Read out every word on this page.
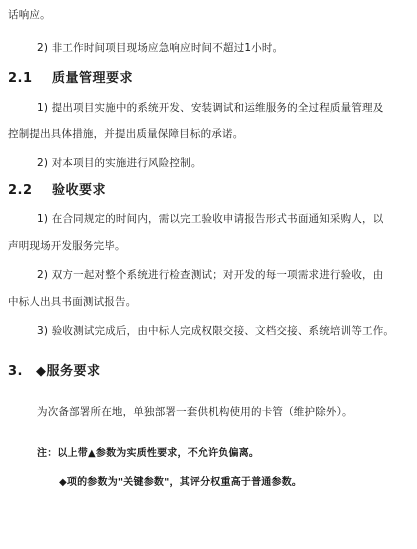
话响应。
2) 非工作时间项目现场应急响应时间不超过1小时。
2.1 质量管理要求
1) 提出项目实施中的系统开发、安装调试和运维服务的全过程质量管理及
控制提出具体措施，并提出质量保障目标的承诺。
2) 对本项目的实施进行风险控制。
2.2 验收要求
1) 在合同规定的时间内，需以完工验收申请报告形式书面通知采购人，以
声明现场开发服务完毕。
2) 双方一起对整个系统进行检查测试；对开发的每一项需求进行验收，由
中标人出具书面测试报告。
3) 验收测试完成后，由中标人完成权限交接、文档交接、系统培训等工作。
3. ◆服务要求
为次备部署所在地，单独部署一套供机构使用的卡管（维护除外）。
注：以上带▲参数为实质性要求，不允许负偏离。
◆项的参数为"关键参数"，其评分权重高于普通参数。
